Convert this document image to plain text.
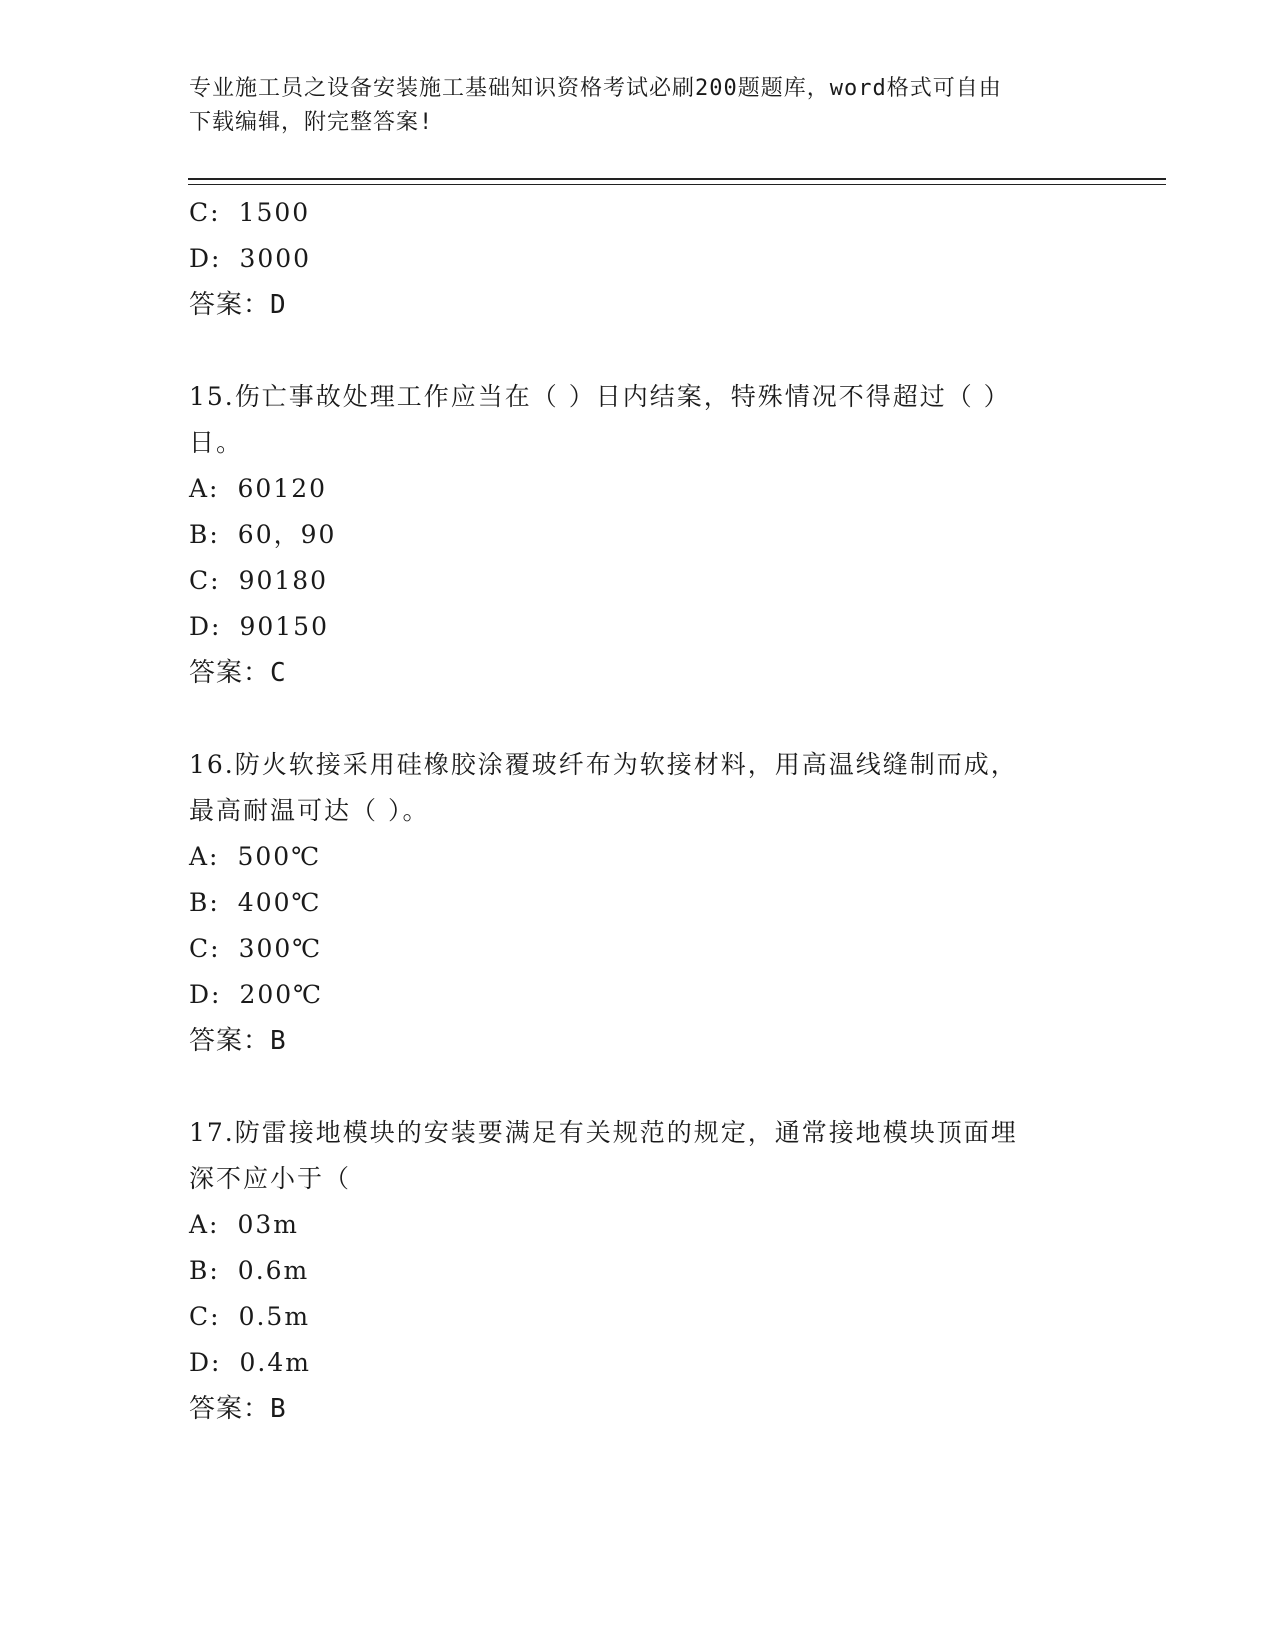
专业施工员之设备安装施工基础知识资格考试必刷200题题库，word格式可自由
下载编辑，附完整答案!
C: 1500
D: 3000
答案：D
15.伤亡事故处理工作应当在（ ）日内结案，特殊情况不得超过（ ）
日。
A: 60120
B: 60，90
C: 90180
D: 90150
答案：C
16.防火软接采用硅橡胶涂覆玻纤布为软接材料，用高温线缝制而成，
最高耐温可达（ ）。
A: 500℃
B: 400℃
C: 300℃
D: 200℃
答案：B
17.防雷接地模块的安装要满足有关规范的规定，通常接地模块顶面埋
深不应小于（
A: 03m
B: 0.6m
C: 0.5m
D: 0.4m
答案：B
